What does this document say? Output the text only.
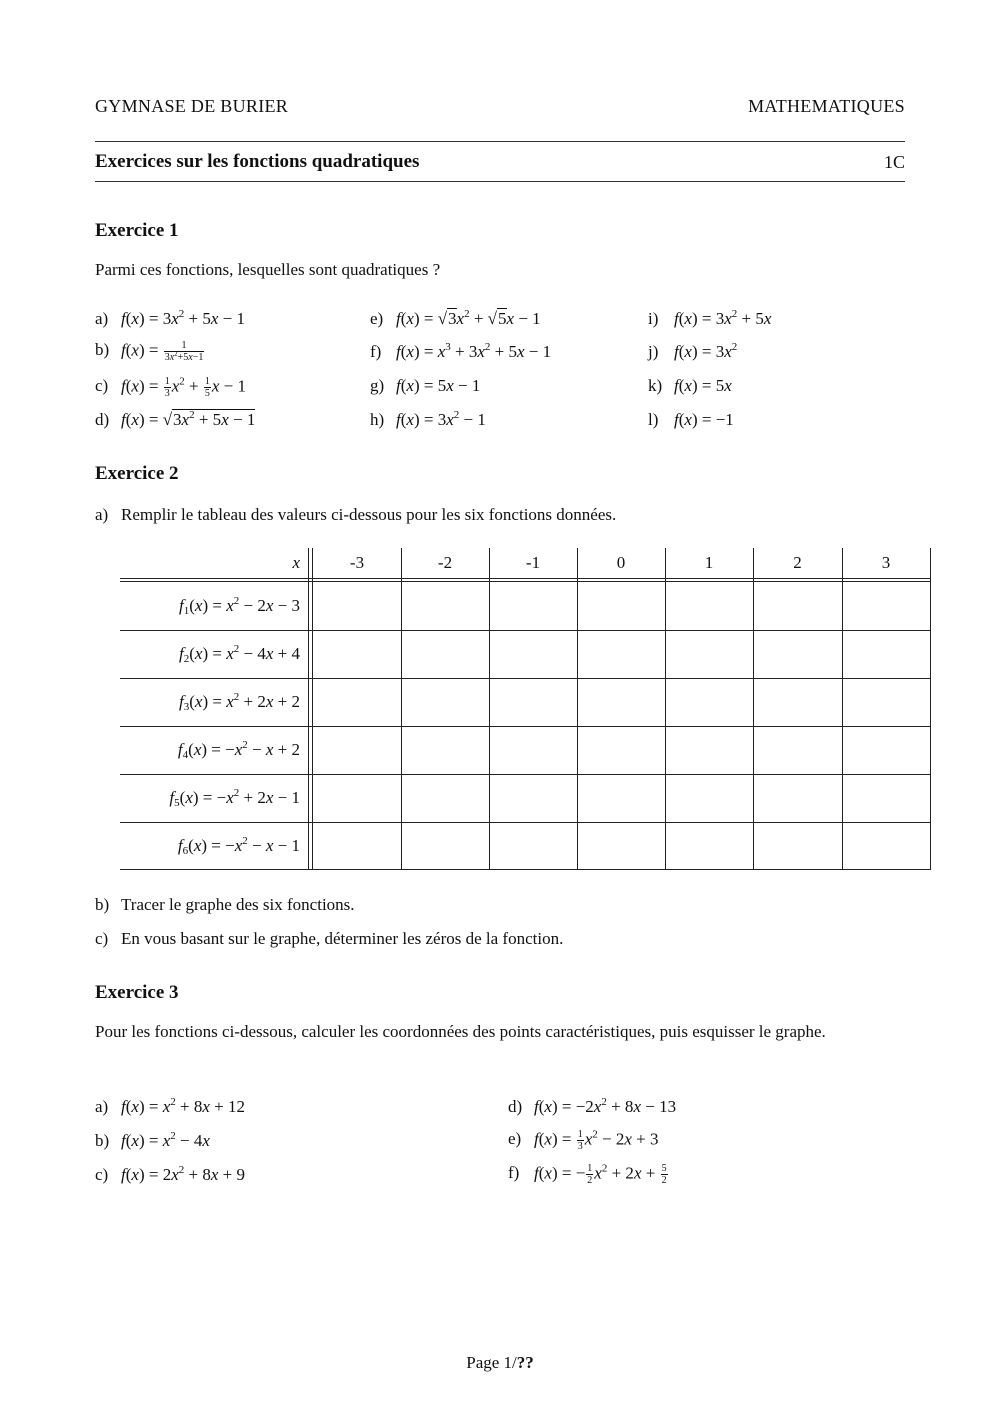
GYMNASE DE BURIER	MATHEMATIQUES
Exercices sur les fonctions quadratiques	1C
Exercice 1
Parmi ces fonctions, lesquelles sont quadratiques ?
a) $f(x) = 3x^2 + 5x - 1$
b) $f(x) = \frac{1}{3x^2+5x-1}$
c) $f(x) = \frac{1}{3} x^2 + \frac{1}{5}$ x − 1
d) $f(x) = √3x^2 + 5x - 1$
e) $f(x) = √3x^2 + √5x - 1$
f) $f(x) = x^3 + 3x^2 + 5x - 1$
g) f(x) = 5x − 1
h) $f(x) = 3x^2 - 1$
i) $f(x) = 3x^2 + 5x$
j) $f(x) = 3x^2$
k) f(x) = 5x
l) f(x) = −1
Exercice 2
a) Remplir le tableau des valeurs ci-dessous pour les six fonctions données.
x	-3	-2	-1	0	1	2	3
$f_1(x) = x^2 - 2x - 3$
$f_2(x) = x^2 - 4x + 4$
$f_3(x) = x^2 + 2x + 2$
$f_4(x) = -x^2 - x + 2$
$f_5(x) = -x^2 + 2x - 1$
$f_6(x) = -x^2 - x - 1$
b) Tracer le graphe des six fonctions.
c) En vous basant sur le graphe, déterminer les zéros de la fonction.
Exercice 3
Pour les fonctions ci-dessous, calculer les coordonnées des points caractéristiques, puis esquisser le graphe.
a) $f(x) = x^2 + 8x + 12$
b) $f(x) = x^2 - 4x$
c) $f(x) = 2x^2 + 8x + 9$
d) $f(x) = -2x^2 + 8x - 13$
e) $f(x) = \frac{1}{3} x^2 - 2x + 3$
f) f(x) = − $\frac{1}{2} x^2 + 2x + \frac{5}{2}$
Page 1/??
